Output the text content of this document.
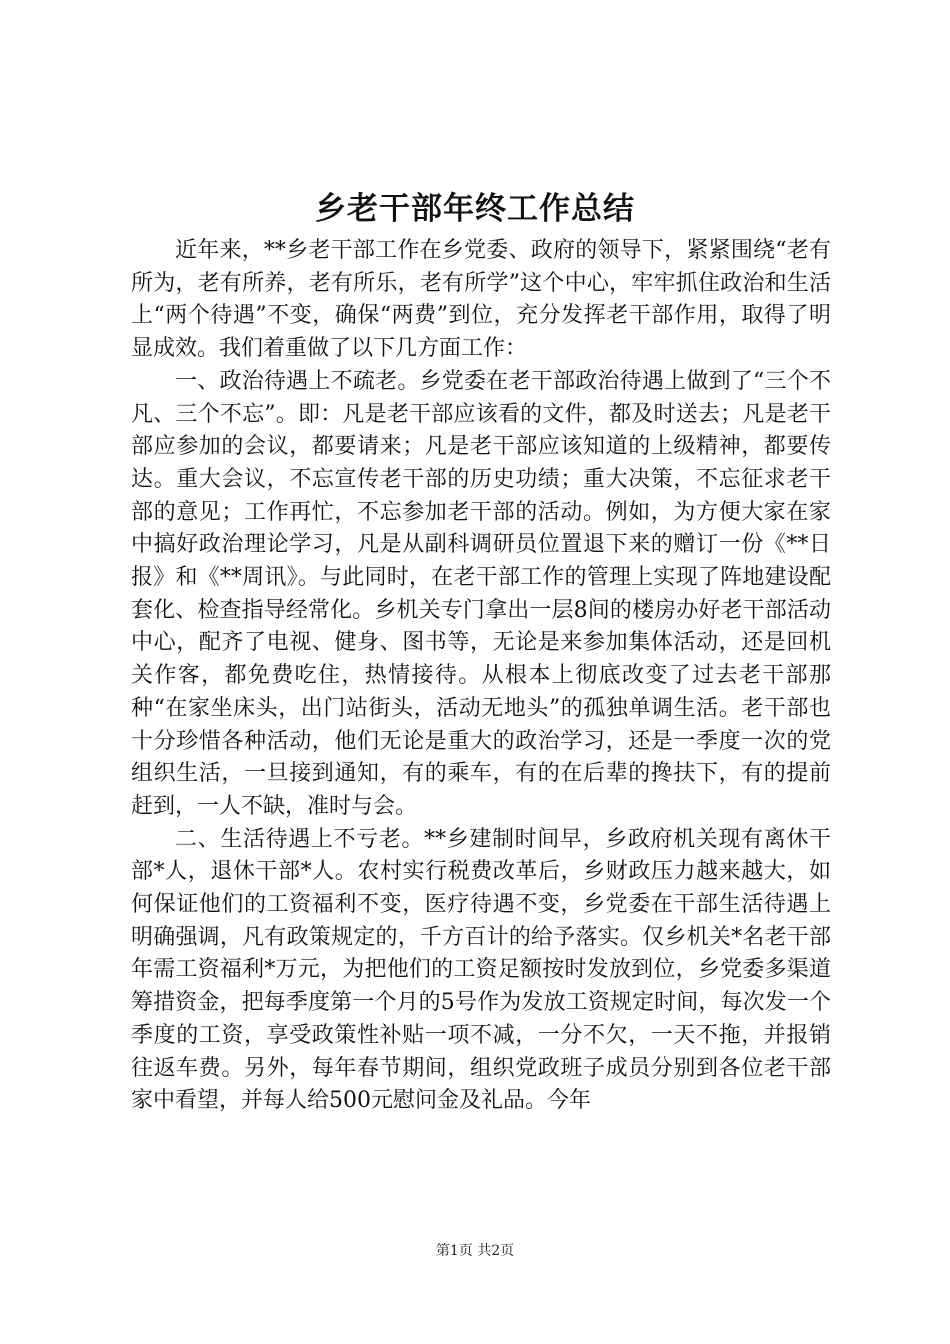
乡老干部年终工作总结

近年来，**乡老干部工作在乡党委、政府的领导下，紧紧围绕“老有所为，老有所养，老有所乐，老有所学”这个中心，牢牢抓住政治和生活上“两个待遇”不变，确保“两费”到位，充分发挥老干部作用，取得了明显成效。我们着重做了以下几方面工作：

一、政治待遇上不疏老。乡党委在老干部政治待遇上做到了“三个不凡、三个不忘”。即：凡是老干部应该看的文件，都及时送去；凡是老干部应参加的会议，都要请来；凡是老干部应该知道的上级精神，都要传达。重大会议，不忘宣传老干部的历史功绩；重大决策，不忘征求老干部的意见；工作再忙，不忘参加老干部的活动。例如，为方便大家在家中搞好政治理论学习，凡是从副科调研员位置退下来的赠订一份《**日报》和《**周讯》。与此同时，在老干部工作的管理上实现了阵地建设配套化、检查指导经常化。乡机关专门拿出一层8间的楼房办好老干部活动中心，配齐了电视、健身、图书等，无论是来参加集体活动，还是回机关作客，都免费吃住，热情接待。从根本上彻底改变了过去老干部那种“在家坐床头，出门站街头，活动无地头”的孤独单调生活。老干部也十分珍惜各种活动，他们无论是重大的政治学习，还是一季度一次的党组织生活，一旦接到通知，有的乘车，有的在后辈的搀扶下，有的提前赶到，一人不缺，准时与会。

二、生活待遇上不亏老。**乡建制时间早，乡政府机关现有离休干部*人，退休干部*人。农村实行税费改革后，乡财政压力越来越大，如何保证他们的工资福利不变，医疗待遇不变，乡党委在干部生活待遇上明确强调，凡有政策规定的，千方百计的给予落实。仅乡机关*名老干部年需工资福利*万元，为把他们的工资足额按时发放到位，乡党委多渠道筹措资金，把每季度第一个月的5号作为发放工资规定时间，每次发一个季度的工资，享受政策性补贴一项不减，一分不欠，一天不拖，并报销往返车费。另外，每年春节期间，组织党政班子成员分别到各位老干部家中看望，并每人给500元慰问金及礼品。今年

第1页 共2页
